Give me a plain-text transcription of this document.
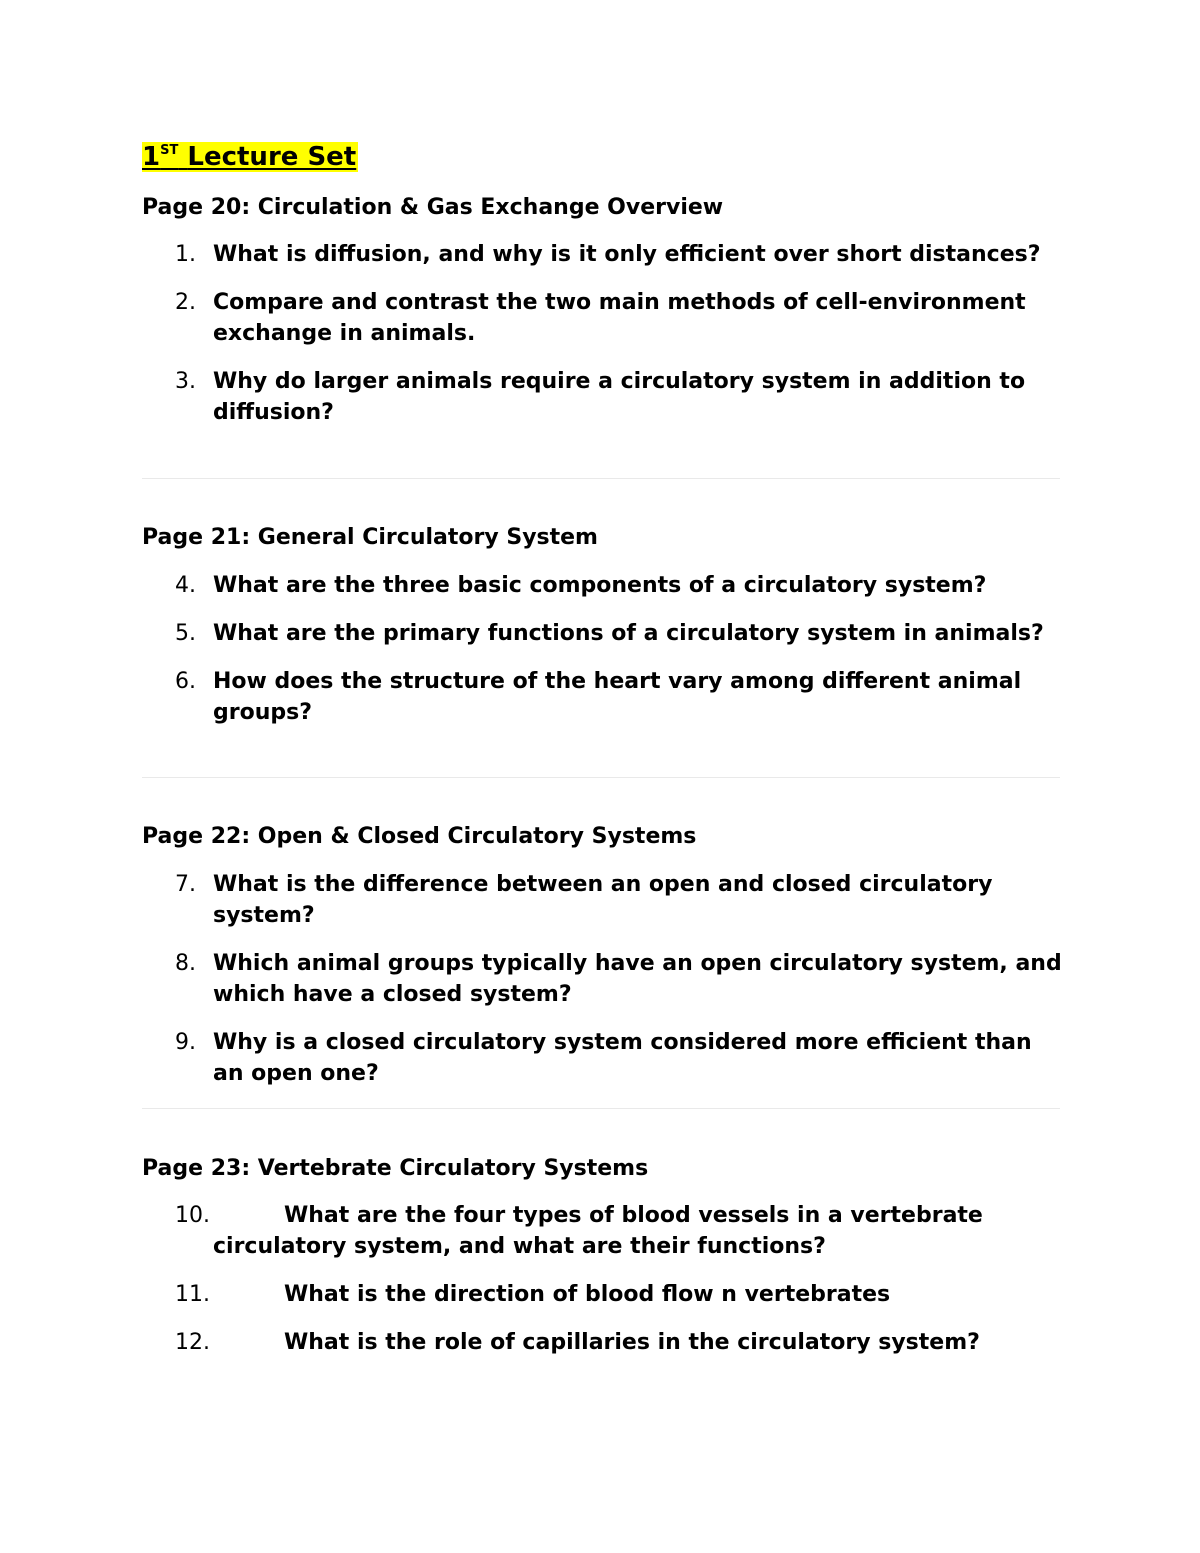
1ST Lecture Set
Page 20: Circulation & Gas Exchange Overview
1. What is diffusion, and why is it only efficient over short distances?
2. Compare and contrast the two main methods of cell-environment exchange in animals.
3. Why do larger animals require a circulatory system in addition to diffusion?
Page 21: General Circulatory System
4. What are the three basic components of a circulatory system?
5. What are the primary functions of a circulatory system in animals?
6. How does the structure of the heart vary among different animal groups?
Page 22: Open & Closed Circulatory Systems
7. What is the difference between an open and closed circulatory system?
8. Which animal groups typically have an open circulatory system, and which have a closed system?
9. Why is a closed circulatory system considered more efficient than an open one?
Page 23: Vertebrate Circulatory Systems
10.	What are the four types of blood vessels in a vertebrate circulatory system, and what are their functions?
11.	What is the direction of blood flow n vertebrates
12.	What is the role of capillaries in the circulatory system?
